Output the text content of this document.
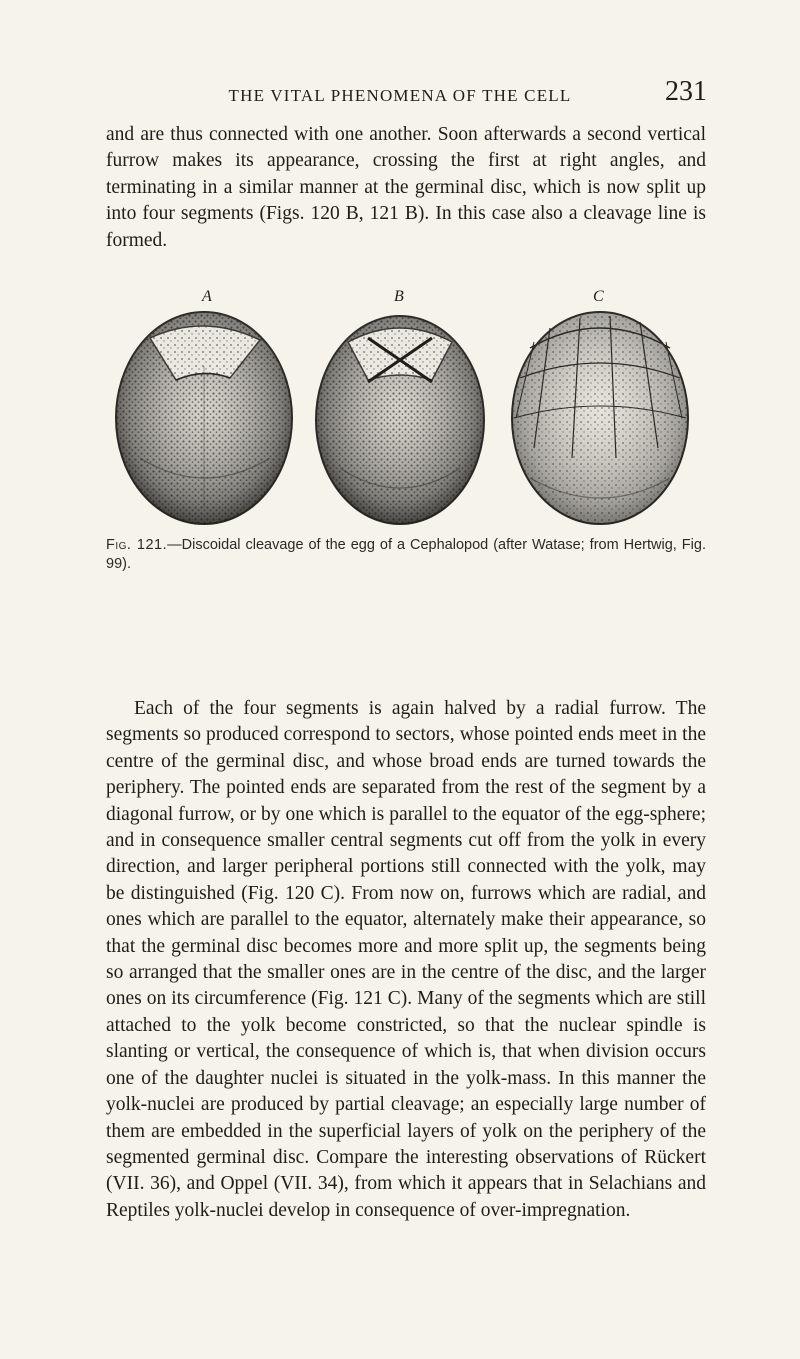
THE VITAL PHENOMENA OF THE CELL	231

and are thus connected with one another. Soon afterwards a second vertical furrow makes its appearance, crossing the first at right angles, and terminating in a similar manner at the germinal disc, which is now split up into four segments (Figs. 120 B, 121 B). In this case also a cleavage line is formed.

A	B	C
Fig. 121.—Discoidal cleavage of the egg of a Cephalopod (after Watase; from Hertwig, Fig. 99).

Each of the four segments is again halved by a radial furrow. The segments so produced correspond to sectors, whose pointed ends meet in the centre of the germinal disc, and whose broad ends are turned towards the periphery. The pointed ends are separated from the rest of the segment by a diagonal furrow, or by one which is parallel to the equator of the egg-sphere; and in consequence smaller central segments cut off from the yolk in every direction, and larger peripheral portions still connected with the yolk, may be distinguished (Fig. 120 C). From now on, furrows which are radial, and ones which are parallel to the equator, alternately make their appearance, so that the germinal disc becomes more and more split up, the segments being so arranged that the smaller ones are in the centre of the disc, and the larger ones on its circumference (Fig. 121 C). Many of the segments which are still attached to the yolk become constricted, so that the nuclear spindle is slanting or vertical, the consequence of which is, that when division occurs one of the daughter nuclei is situated in the yolk-mass. In this manner the yolk-nuclei are produced by partial cleavage; an especially large number of them are embedded in the superficial layers of yolk on the periphery of the segmented germinal disc. Compare the interesting observations of Rückert (VII. 36), and Oppel (VII. 34), from which it appears that in Selachians and Reptiles yolk-nuclei develop in consequence of over-impregnation.
